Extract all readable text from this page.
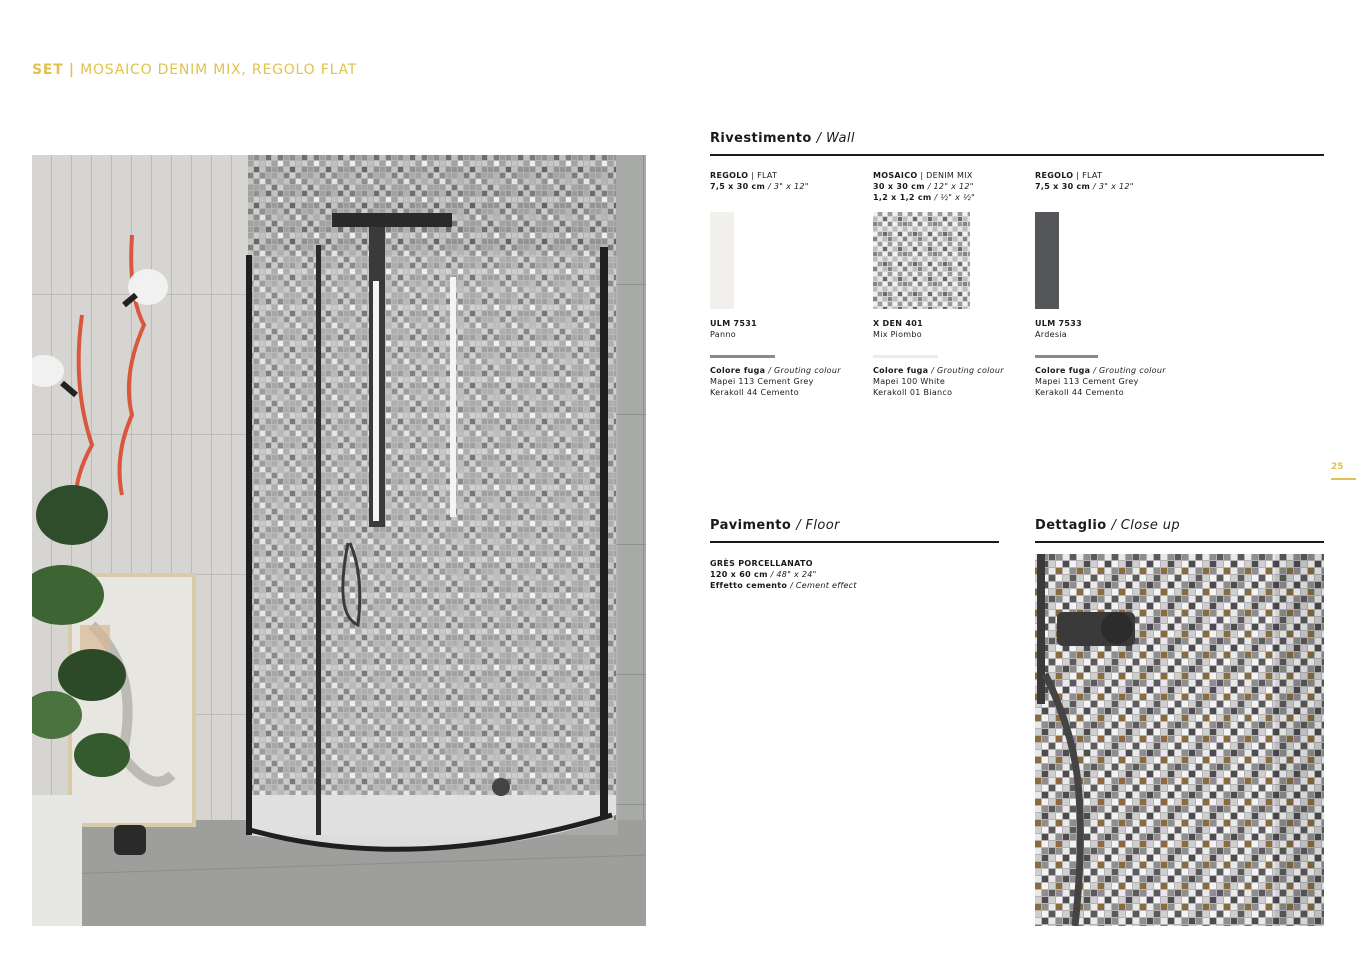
SET | MOSAICO DENIM MIX, REGOLO FLAT
Rivestimento / Wall
REGOLO | FLAT
7,5 x 30 cm / 3" x 12"
ULM 7531
Panno
Colore fuga / Grouting colour
Mapei 113 Cement Grey
Kerakoll 44 Cemento
MOSAICO | DENIM MIX
30 x 30 cm / 12" x 12"
1,2 x 1,2 cm / ½" x ½"
X DEN 401
Mix Piombo
Colore fuga / Grouting colour
Mapei 100 White
Kerakoll 01 Bianco
REGOLO | FLAT
7,5 x 30 cm / 3" x 12"
ULM 7533
Ardesia
Colore fuga / Grouting colour
Mapei 113 Cement Grey
Kerakoll 44 Cemento
25
Pavimento / Floor
GRÈS PORCELLANATO
120 x 60 cm / 48" x 24"
Effetto cemento / Cement effect
Dettaglio / Close up
